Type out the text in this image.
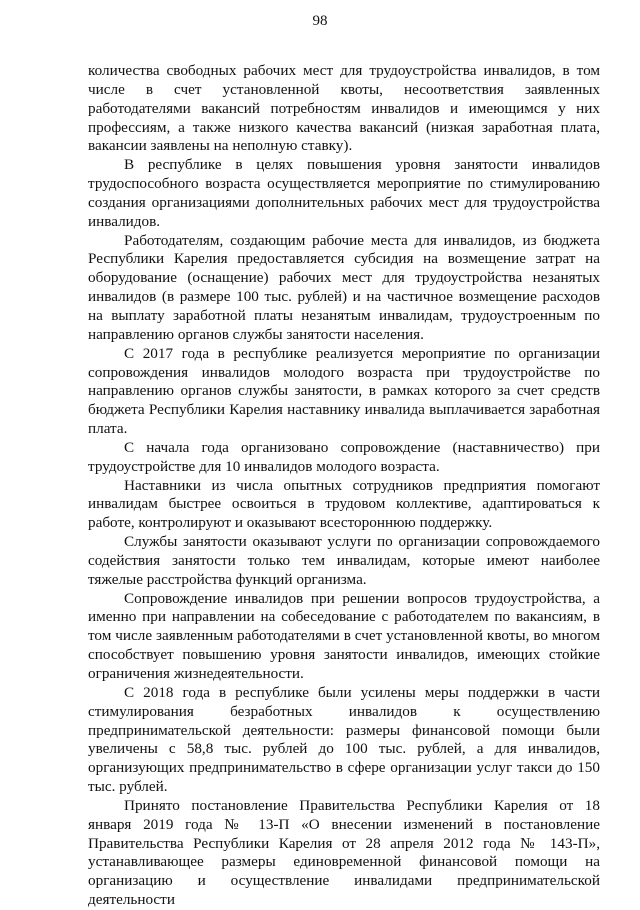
98

количества свободных рабочих мест для трудоустройства инвалидов, в том числе в счет установленной квоты, несоответствия заявленных работодателями вакансий потребностям инвалидов и имеющимся у них профессиям, а также низкого качества вакансий (низкая заработная плата, вакансии заявлены на неполную ставку).

В республике в целях повышения уровня занятости инвалидов трудоспособного возраста осуществляется мероприятие по стимулированию создания организациями дополнительных рабочих мест для трудоустройства инвалидов.

Работодателям, создающим рабочие места для инвалидов, из бюджета Республики Карелия предоставляется субсидия на возмещение затрат на оборудование (оснащение) рабочих мест для трудоустройства незанятых инвалидов (в размере 100 тыс. рублей) и на частичное возмещение расходов на выплату заработной платы незанятым инвалидам, трудоустроенным по направлению органов службы занятости населения.

С 2017 года в республике реализуется мероприятие по организации сопровождения инвалидов молодого возраста при трудоустройстве по направлению органов службы занятости, в рамках которого за счет средств бюджета Республики Карелия наставнику инвалида выплачивается заработная плата.

С начала года организовано сопровождение (наставничество) при трудоустройстве для 10 инвалидов молодого возраста.

Наставники из числа опытных сотрудников предприятия помогают инвалидам быстрее освоиться в трудовом коллективе, адаптироваться к работе, контролируют и оказывают всестороннюю поддержку.

Службы занятости оказывают услуги по организации сопровождаемого содействия занятости только тем инвалидам, которые имеют наиболее тяжелые расстройства функций организма.

Сопровождение инвалидов при решении вопросов трудоустройства, а именно при направлении на собеседование с работодателем по вакансиям, в том числе заявленным работодателями в счет установленной квоты, во многом способствует повышению уровня занятости инвалидов, имеющих стойкие ограничения жизнедеятельности.

С 2018 года в республике были усилены меры поддержки в части стимулирования безработных инвалидов к осуществлению предпринимательской деятельности: размеры финансовой помощи были увеличены с 58,8 тыс. рублей до 100 тыс. рублей, а для инвалидов, организующих предпринимательство в сфере организации услуг такси до 150 тыс. рублей.

Принято постановление Правительства Республики Карелия от 18 января 2019 года № 13-П «О внесении изменений в постановление Правительства Республики Карелия от 28 апреля 2012 года № 143-П», устанавливающее размеры единовременной финансовой помощи на организацию и осуществление инвалидами предпринимательской деятельности
